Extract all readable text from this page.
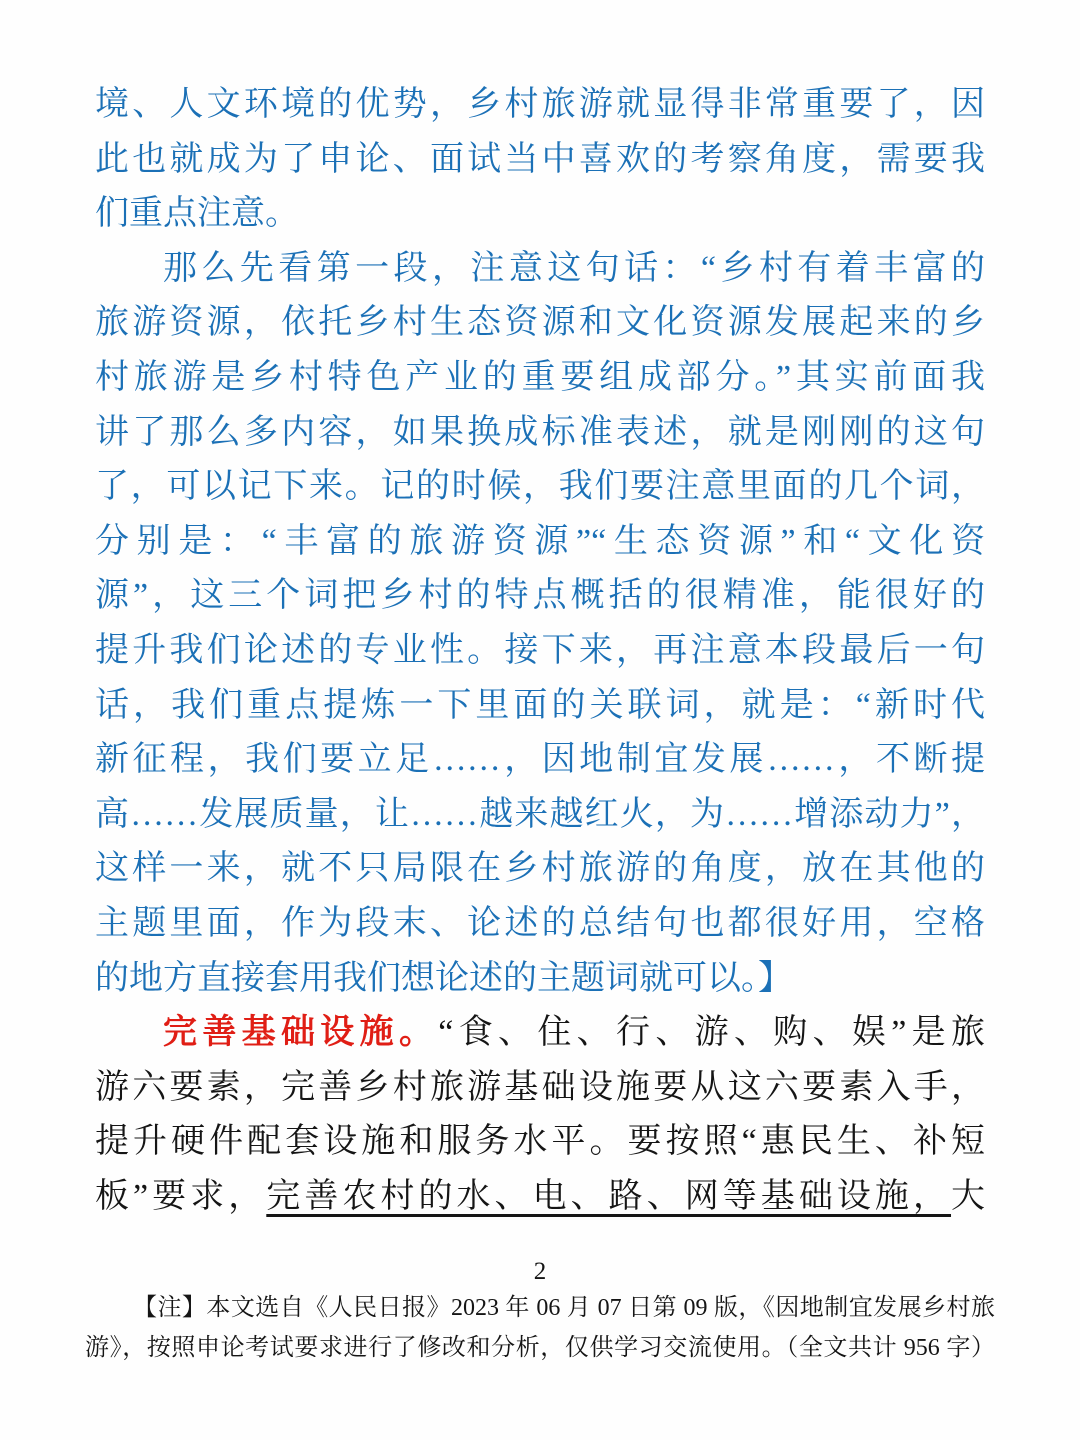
境、人文环境的优势，乡村旅游就显得非常重要了，因
此也就成为了申论、面试当中喜欢的考察角度，需要我
们重点注意。
那么先看第一段，注意这句话：“乡村有着丰富的
旅游资源，依托乡村生态资源和文化资源发展起来的乡
村旅游是乡村特色产业的重要组成部分。”其实前面我
讲了那么多内容，如果换成标准表述，就是刚刚的这句
了，可以记下来。记的时候，我们要注意里面的几个词，
分别是：“丰富的旅游资源”“生态资源”和“文化资
源”，这三个词把乡村的特点概括的很精准，能很好的
提升我们论述的专业性。接下来，再注意本段最后一句
话，我们重点提炼一下里面的关联词，就是：“新时代
新征程，我们要立足……，因地制宜发展……，不断提
高……发展质量，让……越来越红火，为……增添动力”，
这样一来，就不只局限在乡村旅游的角度，放在其他的
主题里面，作为段末、论述的总结句也都很好用，空格
的地方直接套用我们想论述的主题词就可以。】
完善基础设施。“食、住、行、游、购、娱”是旅
游六要素，完善乡村旅游基础设施要从这六要素入手，
提升硬件配套设施和服务水平。要按照“惠民生、补短
板”要求，完善农村的水、电、路、网等基础设施，大
2
【注】本文选自《人民日报》2023 年 06 月 07 日第 09 版，《因地制宜发展乡村旅
游》，按照申论考试要求进行了修改和分析，仅供学习交流使用。（全文共计 956 字）
